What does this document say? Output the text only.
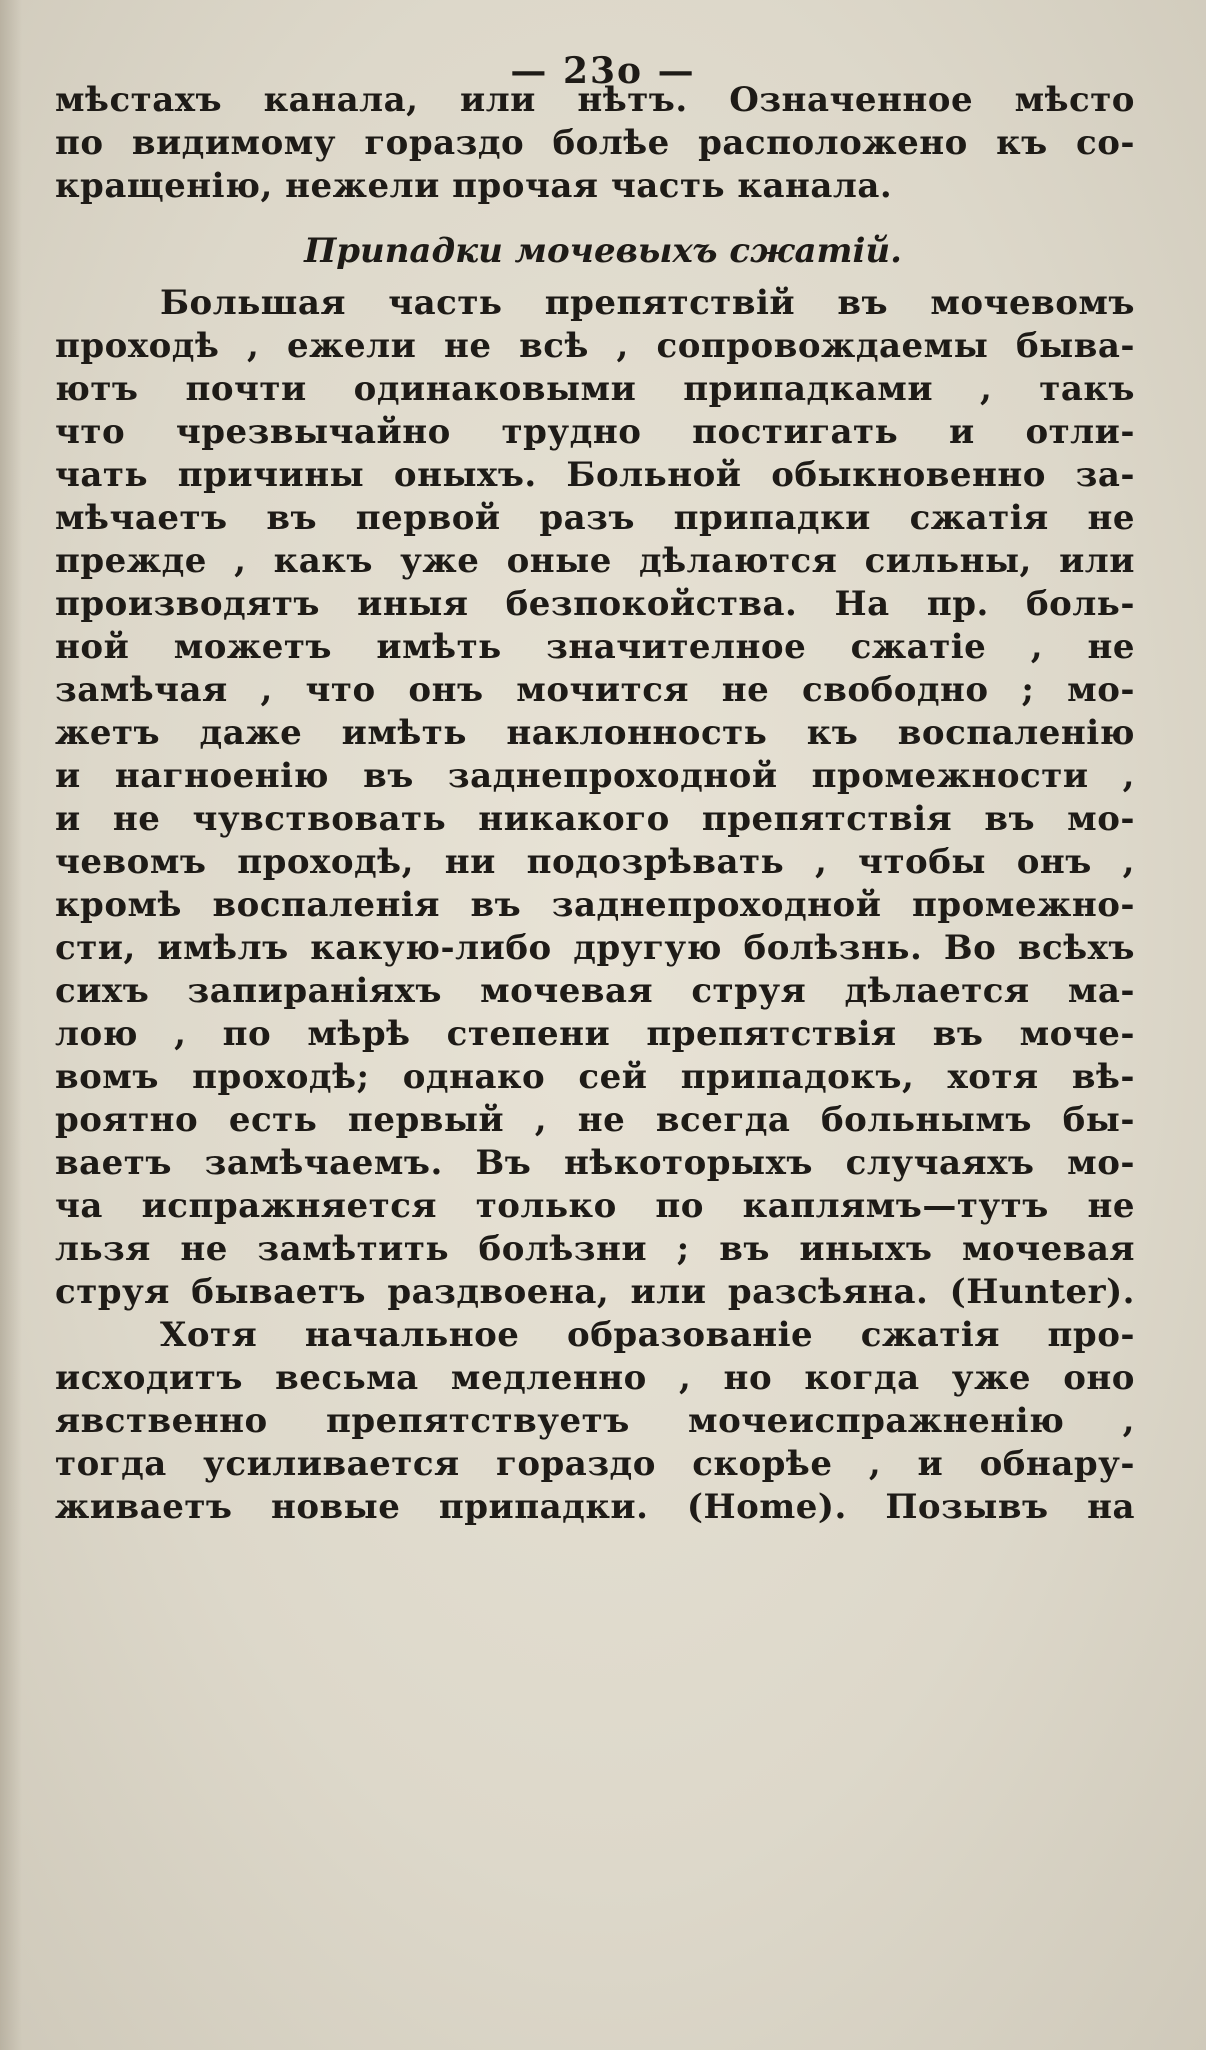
— 23о —
мѣстахъ канала, или нѣтъ. Означенное мѣсто
по видимому гораздо болѣе расположено къ со-
кращенію, нежели прочая часть канала.
Припадки мочевыхъ сжатій.
Большая часть препятствій въ мочевомъ
проходѣ , ежели не всѣ , сопровождаемы быва-
ютъ почти одинаковыми припадками , такъ
что чрезвычайно трудно постигать и отли-
чать причины оныхъ. Больной обыкновенно за-
мѣчаетъ въ первой разъ припадки сжатія не
прежде , какъ уже оные дѣлаются сильны, или
производятъ иныя безпокойства. На пр. боль-
ной можетъ имѣть значителное сжатіе , не
замѣчая , что онъ мочится не свободно ; мо-
жетъ даже имѣть наклонность къ воспаленію
и нагноенію въ заднепроходной промежности ,
и не чувствовать никакого препятствія въ мо-
чевомъ проходѣ, ни подозрѣвать , чтобы онъ ,
кромѣ воспаленія въ заднепроходной промежно-
сти, имѣлъ какую-либо другую болѣзнь. Во всѣхъ
сихъ запираніяхъ мочевая струя дѣлается ма-
лою , по мѣрѣ степени препятствія въ моче-
вомъ проходѣ; однако сей припадокъ, хотя вѣ-
роятно есть первый , не всегда больнымъ бы-
ваетъ замѣчаемъ. Въ нѣкоторыхъ случаяхъ мо-
ча испражняется только по каплямъ—тутъ не
льзя не замѣтить болѣзни ; въ иныхъ мочевая
струя бываетъ раздвоена, или разсѣяна. (Hunter).
Хотя начальное образованіе сжатія про-
исходитъ весьма медленно , но когда уже оно
явственно препятствуетъ мочеиспражненію ,
тогда усиливается гораздо скорѣе , и обнару-
живаетъ новые припадки. (Home). Позывъ на
